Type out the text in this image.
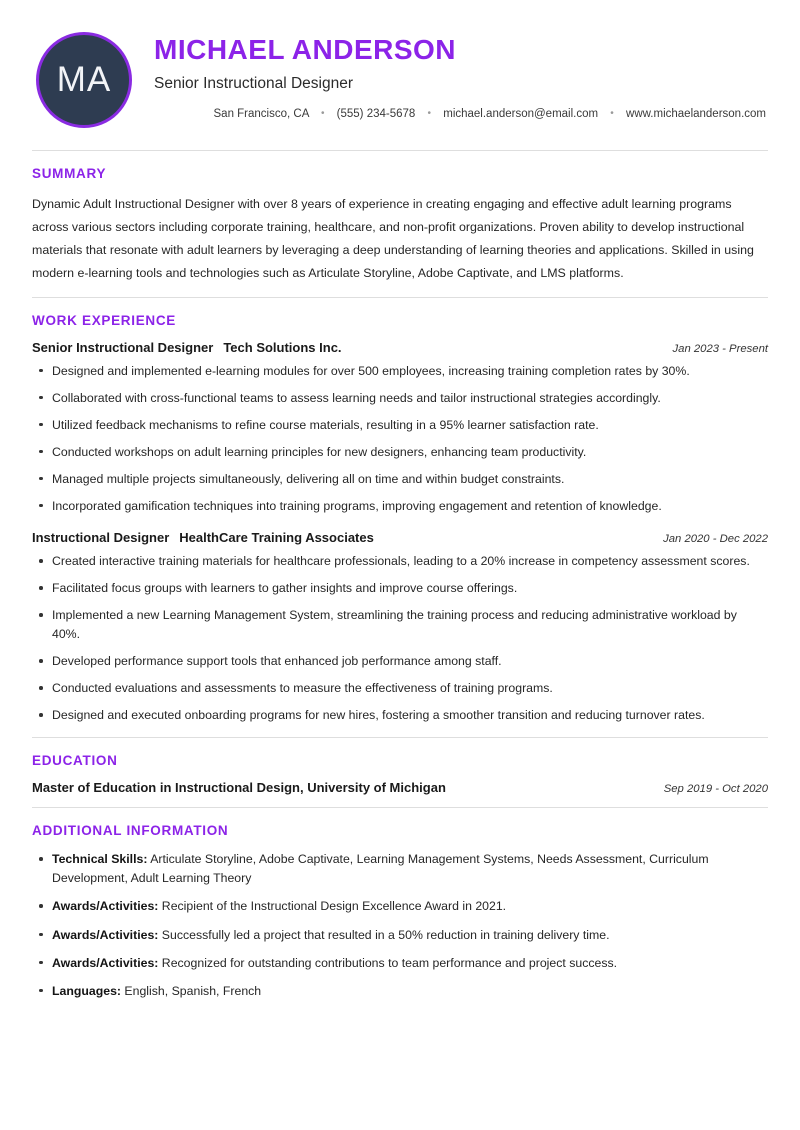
MA
MICHAEL ANDERSON
Senior Instructional Designer
San Francisco, CA • (555) 234-5678 • michael.anderson@email.com • www.michaelanderson.com
SUMMARY

Dynamic Adult Instructional Designer with over 8 years of experience in creating engaging and effective adult learning programs across various sectors including corporate training, healthcare, and non-profit organizations. Proven ability to develop instructional materials that resonate with adult learners by leveraging a deep understanding of learning theories and applications. Skilled in using modern e-learning tools and technologies such as Articulate Storyline, Adobe Captivate, and LMS platforms.

WORK EXPERIENCE
Senior Instructional Designer Tech Solutions Inc.	Jan 2023 - Present
Designed and implemented e-learning modules for over 500 employees, increasing training completion rates by 30%.
Collaborated with cross-functional teams to assess learning needs and tailor instructional strategies accordingly.
Utilized feedback mechanisms to refine course materials, resulting in a 95% learner satisfaction rate.
Conducted workshops on adult learning principles for new designers, enhancing team productivity.
Managed multiple projects simultaneously, delivering all on time and within budget constraints.
Incorporated gamification techniques into training programs, improving engagement and retention of knowledge.
Instructional Designer HealthCare Training Associates	Jan 2020 - Dec 2022
Created interactive training materials for healthcare professionals, leading to a 20% increase in competency assessment scores.
Facilitated focus groups with learners to gather insights and improve course offerings.
Implemented a new Learning Management System, streamlining the training process and reducing administrative workload by 40%.
Developed performance support tools that enhanced job performance among staff.
Conducted evaluations and assessments to measure the effectiveness of training programs.
Designed and executed onboarding programs for new hires, fostering a smoother transition and reducing turnover rates.
EDUCATION
Master of Education in Instructional Design, University of Michigan	Sep 2019 - Oct 2020
ADDITIONAL INFORMATION
Technical Skills: Articulate Storyline, Adobe Captivate, Learning Management Systems, Needs Assessment, Curriculum Development, Adult Learning Theory
Awards/Activities: Recipient of the Instructional Design Excellence Award in 2021.
Awards/Activities: Successfully led a project that resulted in a 50% reduction in training delivery time.
Awards/Activities: Recognized for outstanding contributions to team performance and project success.
Languages: English, Spanish, French
